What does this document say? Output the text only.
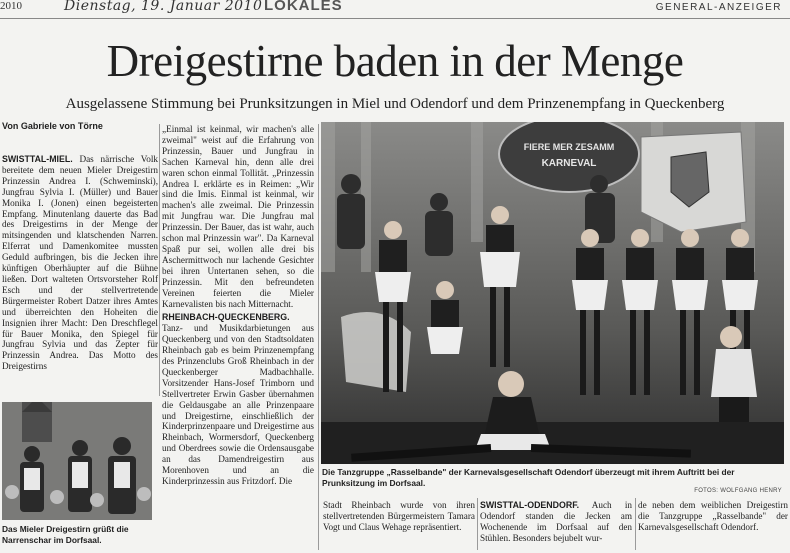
2010	Dienstag, 19. Januar 2010 LOKALES	GENERAL-ANZEIGER
Dreigestirne baden in der Menge
Ausgelassene Stimmung bei Prunksitzungen in Miel und Odendorf und dem Prinzenempfang in Queckenberg
Von Gabriele von Törne

SWISTTAL-MIEL. Das närrische Volk bereitete dem neuen Mieler Dreigestirn Prinzessin Andrea I. (Schweminski), Jungfrau Sylvia I. (Müller) und Bauer Monika I. (Jonen) einen begeisterten Empfang. Minutenlang dauerte das Bad des Dreigestirns in der Menge der mitsingenden und klatschenden Narren. Elferrat und Damenkomitee mussten Geduld aufbringen, bis die Jecken ihre künftigen Oberhäupter auf die Bühne ließen. Dort walteten Ortsvorsteher Rolf Esch und der stellvertretende Bürgermeister Robert Datzer ihres Amtes und überreichten den Hoheiten die Insignien ihrer Macht: Den Dreschflegel für Bauer Monika, den Spiegel für Jungfrau Sylvia und das Zepter für Prinzessin Andrea. Das Motto des Dreigestirns

„Einmal ist keinmal, wir machen's alle zweimal" weist auf die Erfahrung von Prinzessin, Bauer und Jungfrau in Sachen Karneval hin, denn alle drei waren schon einmal Tollität. „Prinzessin Andrea I. erklärte es in Reimen: „Wir sind die Imis. Einmal ist keinmal, wir machen's alle zweimal. Die Prinzessin mit Jungfrau war. Die Jungfrau mal Prinzessin. Der Bauer, das ist wahr, auch schon mal Prinzessin war". Da Karneval Spaß pur sei, wollen alle drei bis Aschermittwoch nur lachende Gesichter bei ihren Untertanen sehen, so die Prinzessin. Mit den befreundeten Vereinen feierten die Mieler Karnevalisten bis nach Mitternacht.

RHEINBACH-QUECKENBERG.

Tanz- und Musikdarbietungen aus Queckenberg und von den Stadtsoldaten Rheinbach gab es beim Prinzenempfang des Prinzenclubs Groß Rheinbach in der Queckenberger Madbachhalle. Vorsitzender Hans-Josef Trimborn und Stellvertreter Erwin Gasber übernahmen die Geldausgabe an alle Prinzenpaare und Dreigestirne, einschließlich der Kinderprinzenpaare und Dreigestirne aus Rheinbach, Wormersdorf, Queckenberg und Oberdrees sowie die Ordensausgabe an das Damendreigestirn aus Morenhoven und an die Kinderprinzessin aus Fritzdorf. Die

FIERE MER ZESAMM
KARNEVAL
Die Tanzgruppe „Rasselbande" der Karnevalsgesellschaft Odendorf überzeugt mit ihrem Auftritt bei der Prunksitzung im Dorfsaal.
FOTOS: WOLFGANG HENRY
Das Mieler Dreigestirn grüßt die Narrenschar im Dorfsaal.

Stadt Rheinbach wurde von ihren stellvertretenden Bürgermeistern Tamara Vogt und Claus Wehage repräsentiert.

SWISTTAL-ODENDORF. Auch in Odendorf standen die Jecken am Wochenende im Dorfsaal auf den Stühlen. Besonders bejubelt wur-

de neben dem weiblichen Dreigestirn die Tanzgruppe „Rasselbande" der Karnevalsgesellschaft Odendorf.
